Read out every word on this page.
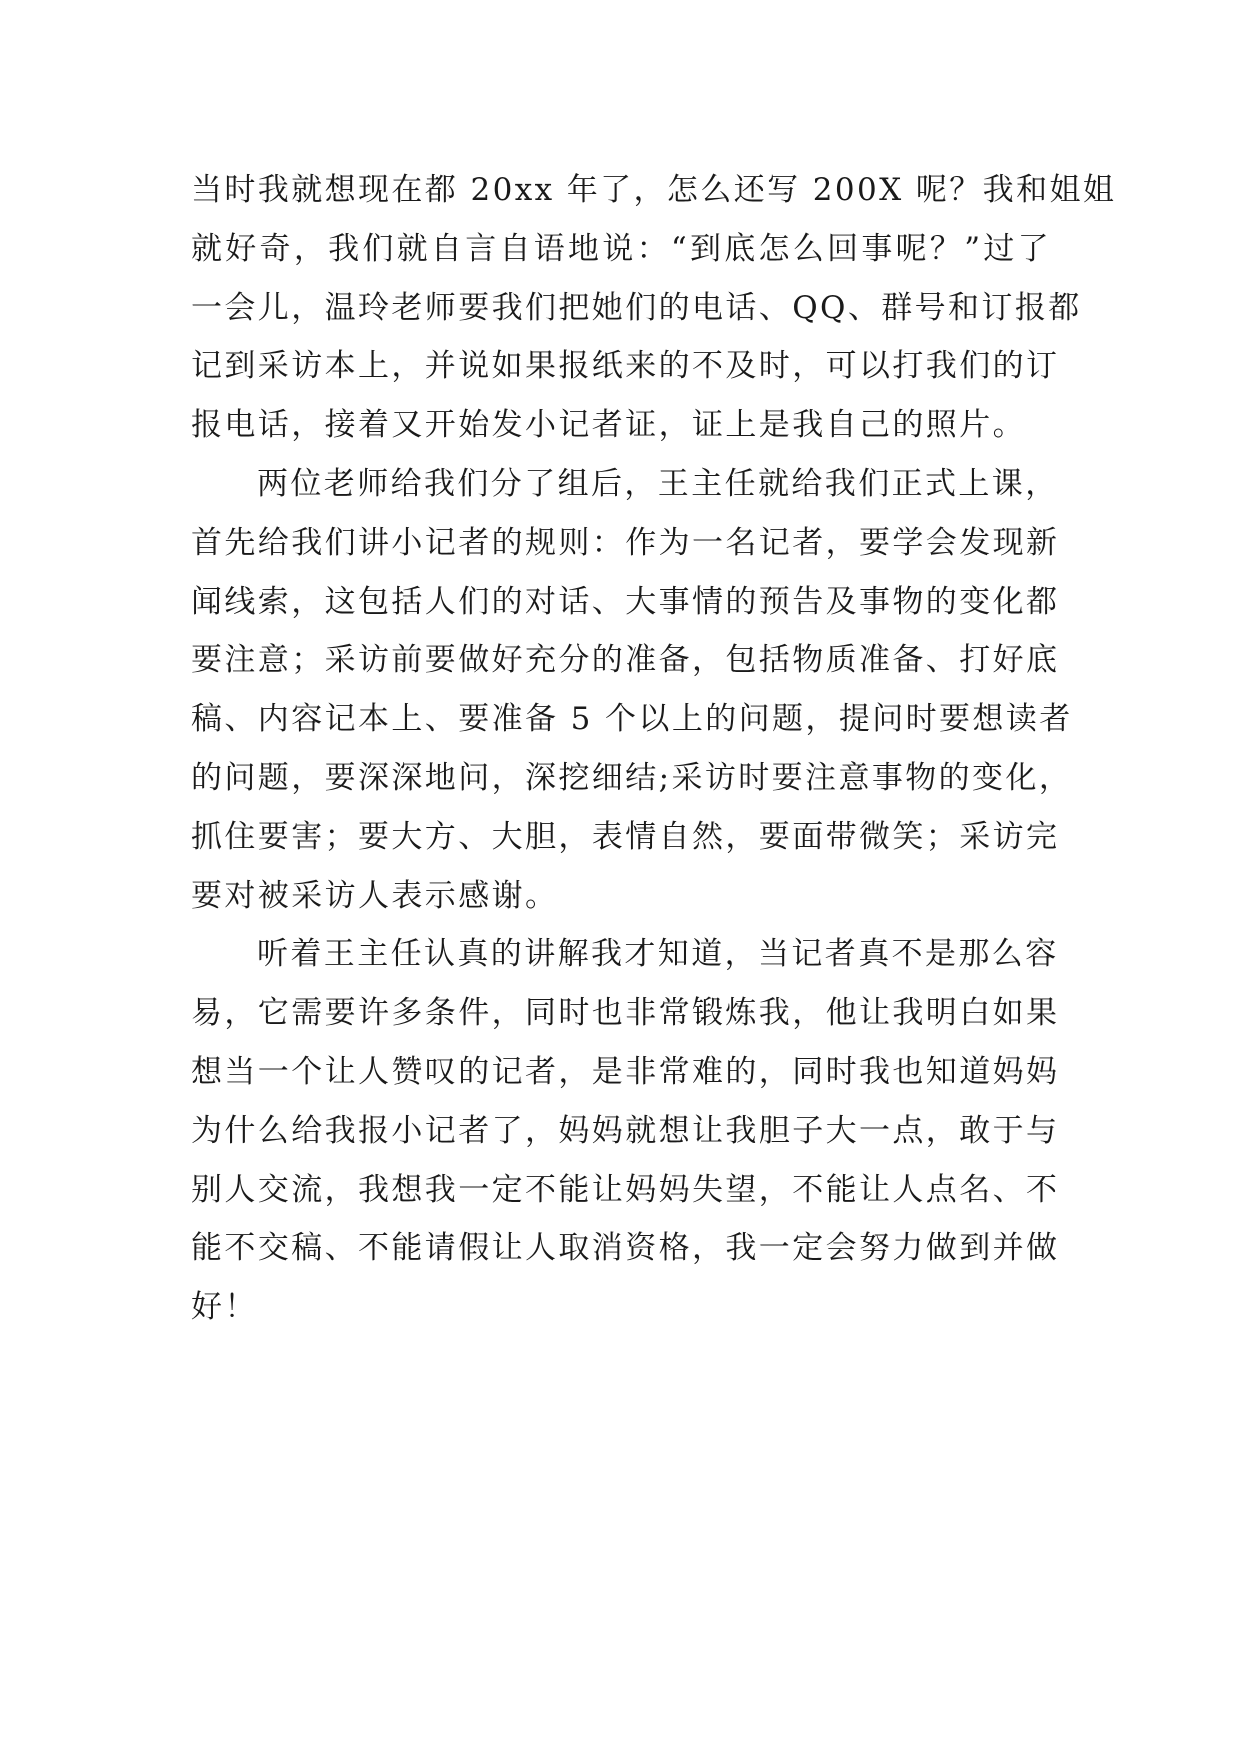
当时我就想现在都 20xx 年了，怎么还写 200X 呢？我和姐姐
就好奇，我们就自言自语地说：“到底怎么回事呢？”过了
一会儿，温玲老师要我们把她们的电话、QQ、群号和订报都
记到采访本上，并说如果报纸来的不及时，可以打我们的订
报电话，接着又开始发小记者证，证上是我自己的照片。
两位老师给我们分了组后，王主任就给我们正式上课，
首先给我们讲小记者的规则：作为一名记者，要学会发现新
闻线索，这包括人们的对话、大事情的预告及事物的变化都
要注意；采访前要做好充分的准备，包括物质准备、打好底
稿、内容记本上、要准备 5 个以上的问题，提问时要想读者
的问题，要深深地问，深挖细结;采访时要注意事物的变化，
抓住要害；要大方、大胆，表情自然，要面带微笑；采访完
要对被采访人表示感谢。
听着王主任认真的讲解我才知道，当记者真不是那么容
易，它需要许多条件，同时也非常锻炼我，他让我明白如果
想当一个让人赞叹的记者，是非常难的，同时我也知道妈妈
为什么给我报小记者了，妈妈就想让我胆子大一点，敢于与
别人交流，我想我一定不能让妈妈失望，不能让人点名、不
能不交稿、不能请假让人取消资格，我一定会努力做到并做
好！
